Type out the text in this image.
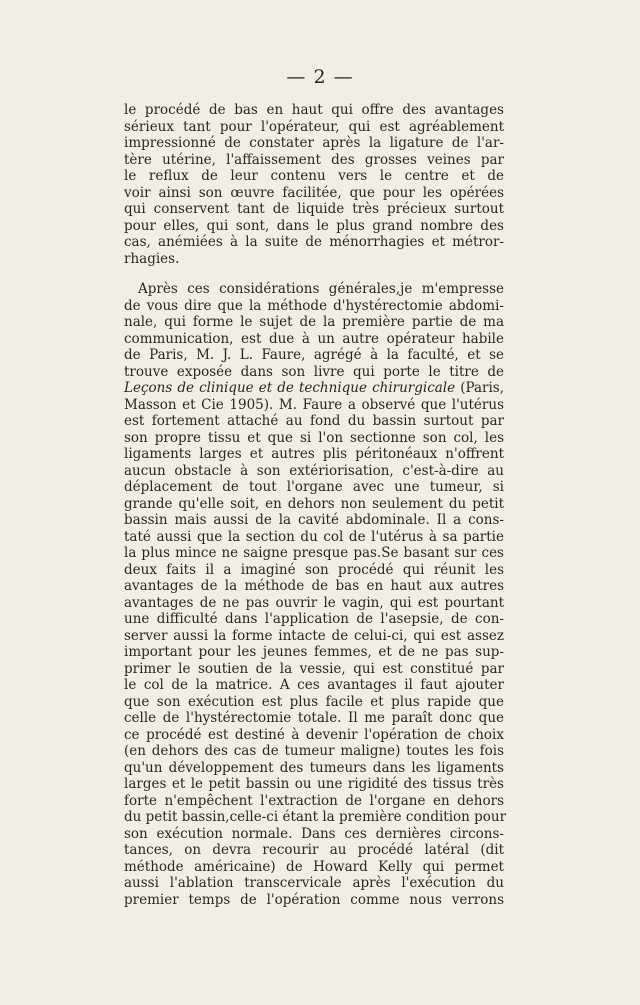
— 2 —
le procédé de bas en haut qui offre des avantages
sérieux tant pour l'opérateur, qui est agréablement
impressionné de constater après la ligature de l'ar-
tère utérine, l'affaissement des grosses veines par
le reflux de leur contenu vers le centre et de
voir ainsi son œuvre facilitée, que pour les opérées
qui conservent tant de liquide très précieux surtout
pour elles, qui sont, dans le plus grand nombre des
cas, anémiées à la suite de ménorrhagies et métror-
rhagies.
Après ces considérations générales,je m'empresse
de vous dire que la méthode d'hystérectomie abdomi-
nale, qui forme le sujet de la première partie de ma
communication, est due à un autre opérateur habile
de Paris, M. J. L. Faure, agrégé à la faculté, et se
trouve exposée dans son livre qui porte le titre de
Leçons de clinique et de technique chirurgicale (Paris,
Masson et Cie 1905). M. Faure a observé que l'utérus
est fortement attaché au fond du bassin surtout par
son propre tissu et que si l'on sectionne son col, les
ligaments larges et autres plis péritonéaux n'offrent
aucun obstacle à son extériorisation, c'est-à-dire au
déplacement de tout l'organe avec une tumeur, si
grande qu'elle soit, en dehors non seulement du petit
bassin mais aussi de la cavité abdominale. Il a cons-
taté aussi que la section du col de l'utérus à sa partie
la plus mince ne saigne presque pas.Se basant sur ces
deux faits il a imaginé son procédé qui réunit les
avantages de la méthode de bas en haut aux autres
avantages de ne pas ouvrir le vagin, qui est pourtant
une difficulté dans l'application de l'asepsie, de con-
server aussi la forme intacte de celui-ci, qui est assez
important pour les jeunes femmes, et de ne pas sup-
primer le soutien de la vessie, qui est constitué par
le col de la matrice. A ces avantages il faut ajouter
que son exécution est plus facile et plus rapide que
celle de l'hystérectomie totale. Il me paraît donc que
ce procédé est destiné à devenir l'opération de choix
(en dehors des cas de tumeur maligne) toutes les fois
qu'un développement des tumeurs dans les ligaments
larges et le petit bassin ou une rigidité des tissus très
forte n'empêchent l'extraction de l'organe en dehors
du petit bassin,celle-ci étant la première condition pour
son exécution normale. Dans ces dernières circons-
tances, on devra recourir au procédé latéral (dit
méthode américaine) de Howard Kelly qui permet
aussi l'ablation transcervicale après l'exécution du
premier temps de l'opération comme nous verrons
